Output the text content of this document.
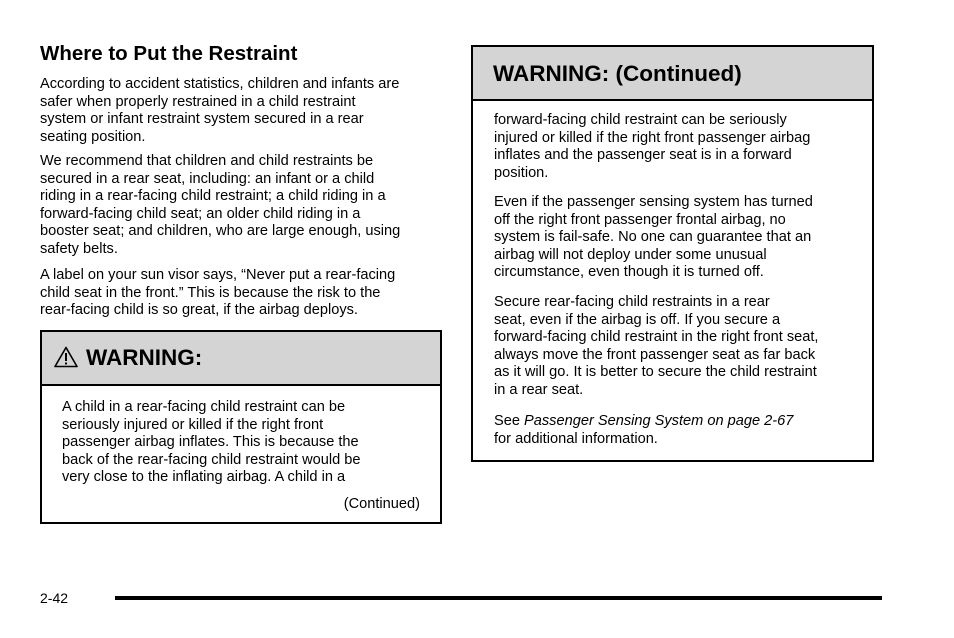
Where to Put the Restraint
According to accident statistics, children and infants are
safer when properly restrained in a child restraint
system or infant restraint system secured in a rear
seating position.
We recommend that children and child restraints be
secured in a rear seat, including: an infant or a child
riding in a rear-facing child restraint; a child riding in a
forward-facing child seat; an older child riding in a
booster seat; and children, who are large enough, using
safety belts.
A label on your sun visor says, “Never put a rear-facing
child seat in the front.” This is because the risk to the
rear-facing child is so great, if the airbag deploys.
WARNING:
A child in a rear-facing child restraint can be
seriously injured or killed if the right front
passenger airbag inflates. This is because the
back of the rear-facing child restraint would be
very close to the inflating airbag. A child in a
(Continued)
WARNING: (Continued)
forward-facing child restraint can be seriously
injured or killed if the right front passenger airbag
inflates and the passenger seat is in a forward
position.
Even if the passenger sensing system has turned
off the right front passenger frontal airbag, no
system is fail-safe. No one can guarantee that an
airbag will not deploy under some unusual
circumstance, even though it is turned off.
Secure rear-facing child restraints in a rear
seat, even if the airbag is off. If you secure a
forward-facing child restraint in the right front seat,
always move the front passenger seat as far back
as it will go. It is better to secure the child restraint
in a rear seat.
See Passenger Sensing System on page 2-67
for additional information.
2-42
